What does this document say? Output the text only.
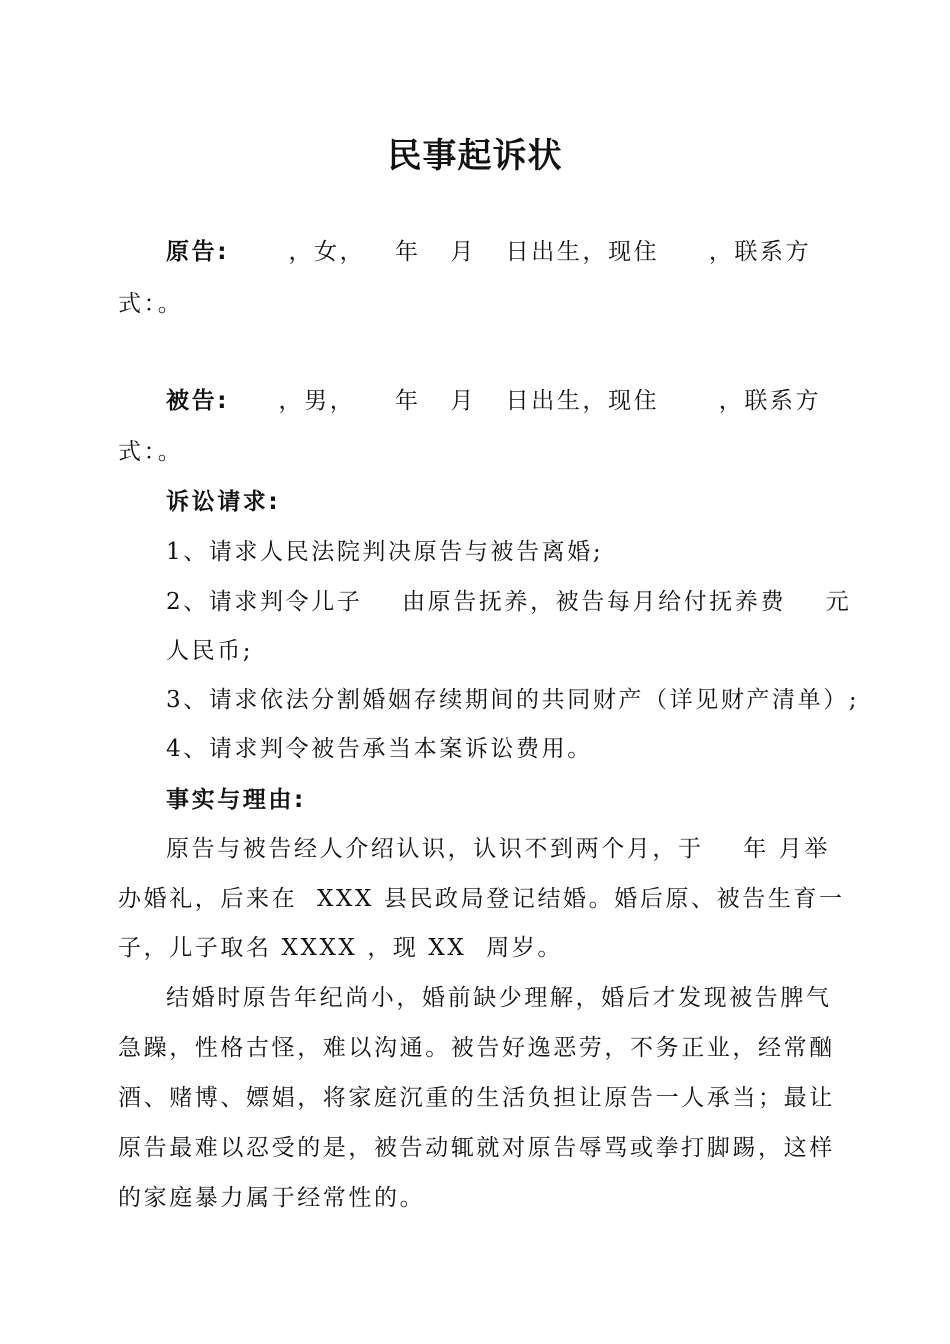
民事起诉状
原告:      ，女，   年   月   日出生，现住     ，联系方
式：。
被告:     ，男，    年   月   日出生，现住      ，联系方
式：。
诉讼请求:
1、请求人民法院判决原告与被告离婚;
2、请求判令儿子    由原告抚养，被告每月给付抚养费    元
人民币;
3、请求依法分割婚姻存续期间的共同财产（详见财产清单）;
4、请求判令被告承当本案诉讼费用。
事实与理由:
原告与被告经人介绍认识，认识不到两个月，于    年 月举
办婚礼，后来在  XXX 县民政局登记结婚。婚后原、被告生育一
子，儿子取名 XXXX ，现 XX  周岁。
结婚时原告年纪尚小，婚前缺少理解，婚后才发现被告脾气
急躁，性格古怪，难以沟通。被告好逸恶劳，不务正业，经常酗
酒、赌博、嫖娼，将家庭沉重的生活负担让原告一人承当；最让
原告最难以忍受的是，被告动辄就对原告辱骂或拳打脚踢，这样
的家庭暴力属于经常性的。
